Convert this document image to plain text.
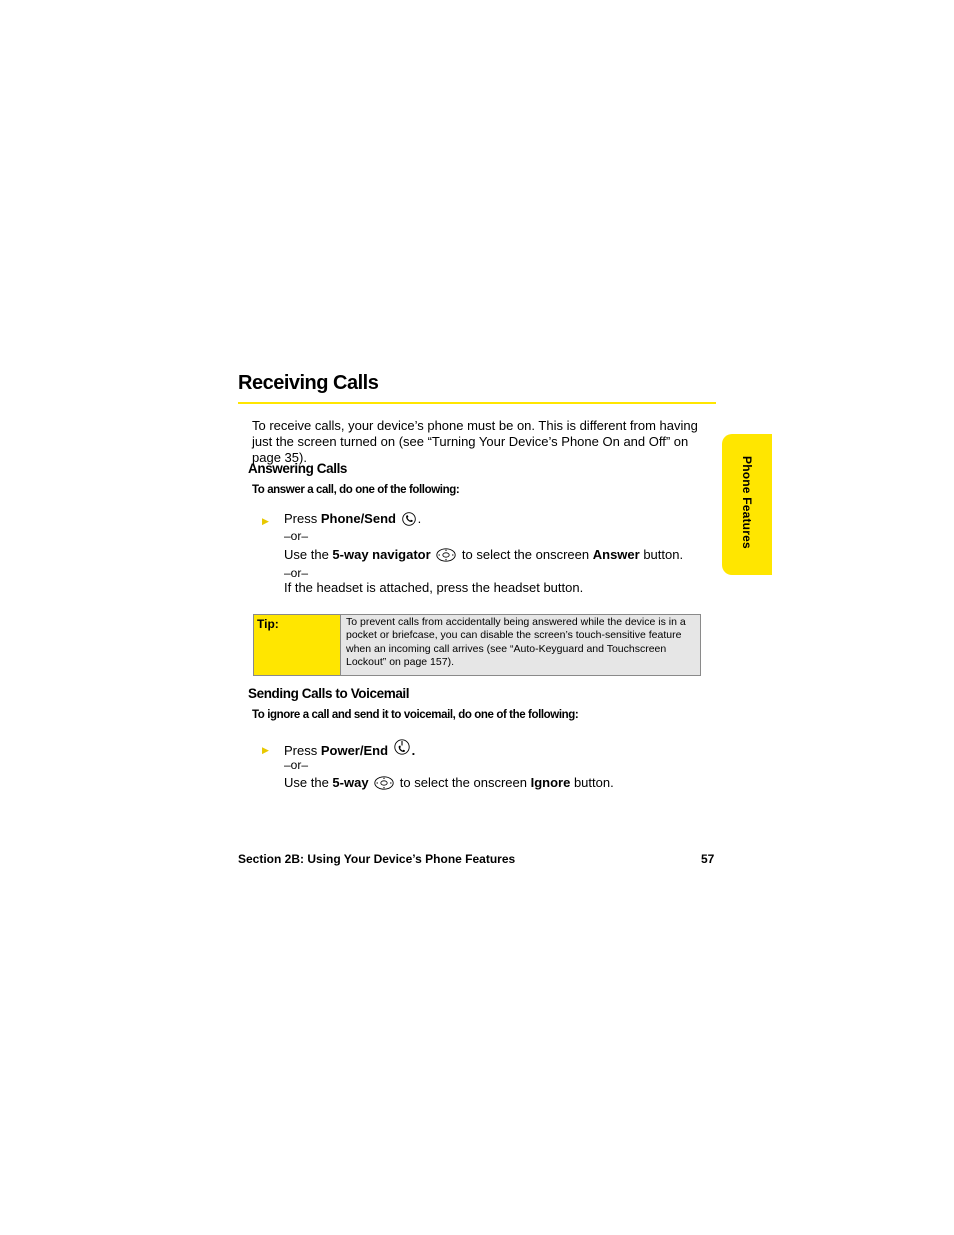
Receiving Calls
To receive calls, your device’s phone must be on. This is different from having just the screen turned on (see “Turning Your Device’s Phone On and Off” on page 35).
Answering Calls
To answer a call, do one of the following:
▶ Press Phone/Send .
–or–
Use the 5-way navigator  to select the onscreen Answer button.
–or–
If the headset is attached, press the headset button.
Tip:	To prevent calls from accidentally being answered while the device is in a pocket or briefcase, you can disable the screen’s touch-sensitive feature when an incoming call arrives (see “Auto-Keyguard and Touchscreen Lockout” on page 157).
Sending Calls to Voicemail
To ignore a call and send it to voicemail, do one of the following:
▶ Press Power/End .
–or–
Use the 5-way  to select the onscreen Ignore button.
Phone Features
Section 2B: Using Your Device’s Phone Features	57
